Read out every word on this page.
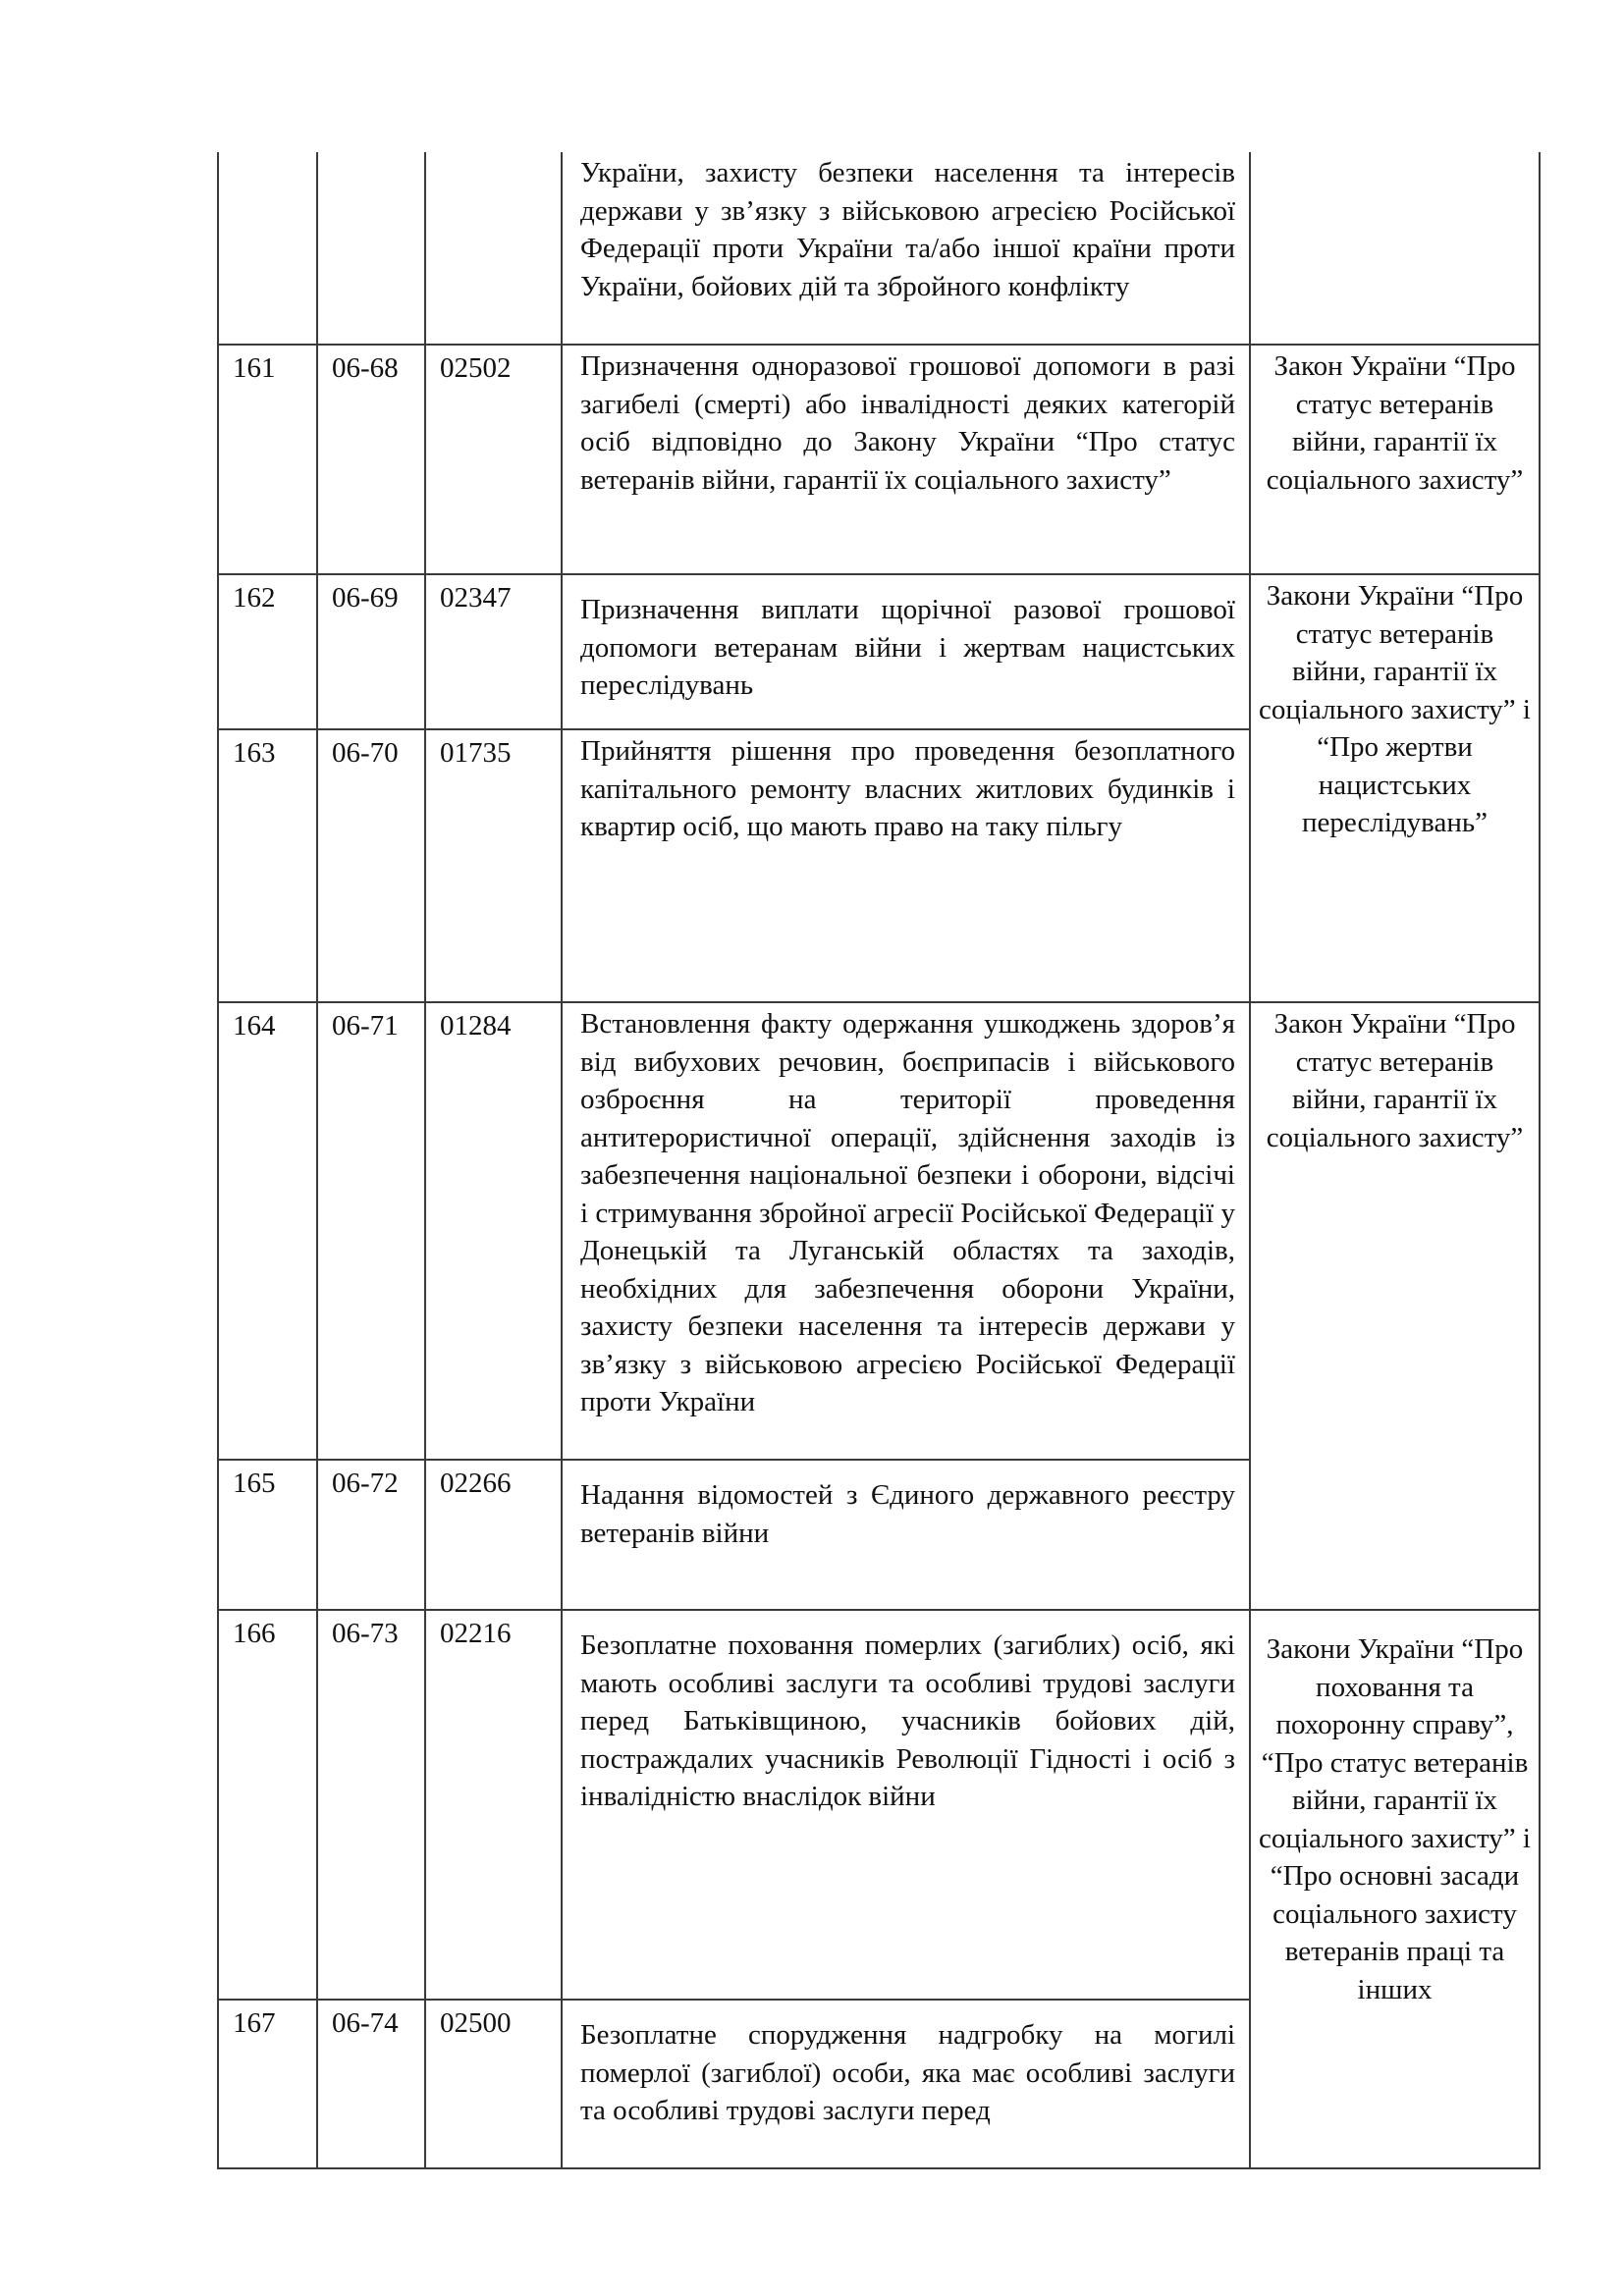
			України, захисту безпеки населення та інтересів держави у зв’язку з військовою агресією Російської Федерації проти України та/або іншої країни проти України, бойових дій та збройного конфлікту	
161	06-68	02502	Призначення одноразової грошової допомоги в разі загибелі (смерті) або інвалідності деяких категорій осіб відповідно до Закону України “Про статус ветеранів війни, гарантії їх соціального захисту”	Закон України “Про статус ветеранів війни, гарантії їх соціального захисту”
162	06-69	02347	Призначення виплати щорічної разової грошової допомоги ветеранам війни і жертвам нацистських переслідувань	Закони України “Про статус ветеранів війни, гарантії їх соціального захисту” і “Про жертви нацистських переслідувань”
163	06-70	01735	Прийняття рішення про проведення безоплатного капітального ремонту власних житлових будинків і квартир осіб, що мають право на таку пільгу	
164	06-71	01284	Встановлення факту одержання ушкоджень здоров’я від вибухових речовин, боєприпасів і військового озброєння на території проведення антитерористичної операції, здійснення заходів із забезпечення національної безпеки і оборони, відсічі і стримування збройної агресії Російської Федерації у Донецькій та Луганській областях та заходів, необхідних для забезпечення оборони України, захисту безпеки населення та інтересів держави у зв’язку з військовою агресією Російської Федерації проти України	Закон України “Про статус ветеранів війни, гарантії їх соціального захисту”
165	06-72	02266	Надання відомостей з Єдиного державного реєстру ветеранів війни	
166	06-73	02216	Безоплатне поховання померлих (загиблих) осіб, які мають особливі заслуги та особливі трудові заслуги перед Батьківщиною, учасників бойових дій, постраждалих учасників Революції Гідності і осіб з інвалідністю внаслідок війни	Закони України “Про поховання та похоронну справу”, “Про статус ветеранів війни, гарантії їх соціального захисту” і “Про основні засади соціального захисту ветеранів праці та інших
167	06-74	02500	Безоплатне спорудження надгробку на могилі померлої (загиблої) особи, яка має особливі заслуги та особливі трудові заслуги перед	
